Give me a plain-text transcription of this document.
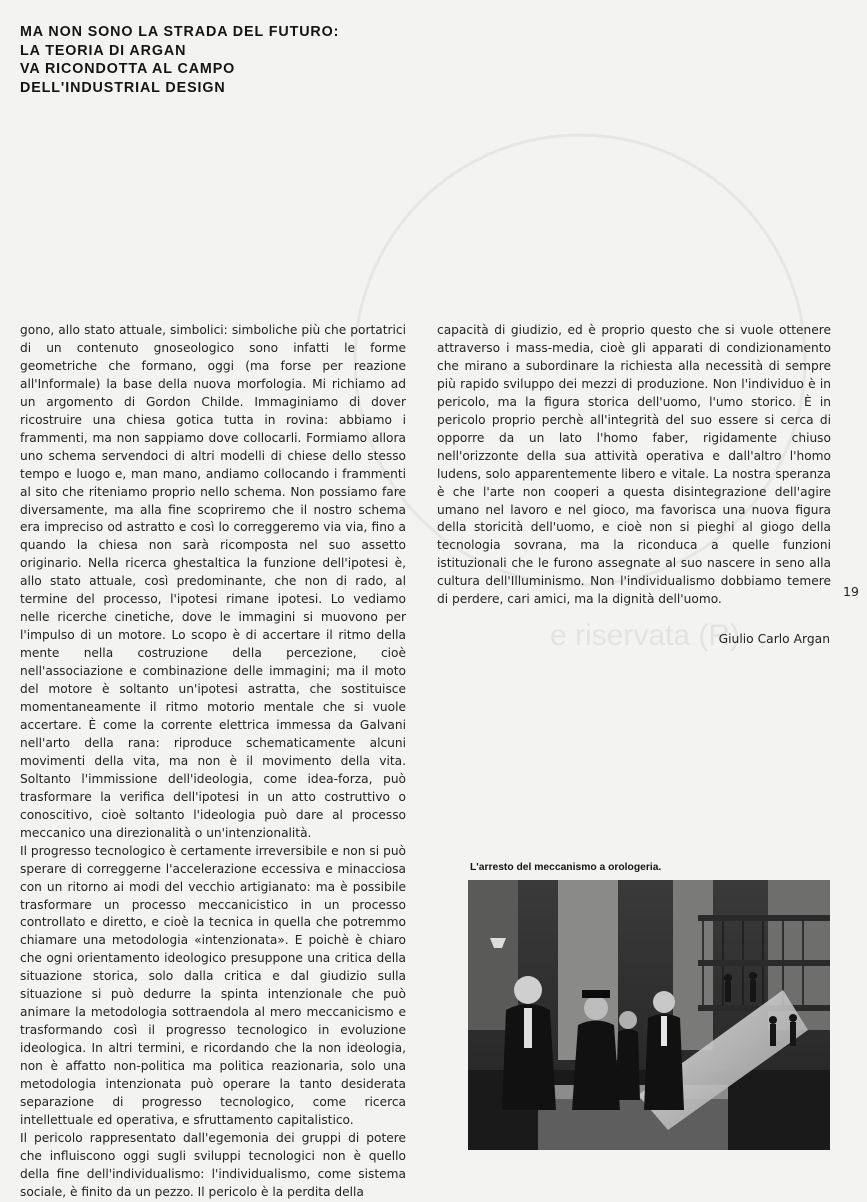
e riservata (R)
MA NON SONO LA STRADA DEL FUTURO:
LA TEORIA DI ARGAN
VA RICONDOTTA AL CAMPO
DELL'INDUSTRIAL DESIGN

gono, allo stato attuale, simbolici: simboliche più che portatrici di un contenuto gnoseologico sono infatti le forme geometriche che formano, oggi (ma forse per reazione all'Informale) la base della nuova morfologia. Mi richiamo ad un argomento di Gordon Childe. Immaginiamo di dover ricostruire una chiesa gotica tutta in rovina: abbiamo i frammenti, ma non sappiamo dove collocarli. Formiamo allora uno schema servendoci di altri modelli di chiese dello stesso tempo e luogo e, man mano, andiamo collocando i frammenti al sito che riteniamo proprio nello schema. Non possiamo fare diversamente, ma alla fine scopriremo che il nostro schema era impreciso od astratto e così lo correggeremo via via, fino a quando la chiesa non sarà ricomposta nel suo assetto originario. Nella ricerca ghestaltica la funzione dell'ipotesi è, allo stato attuale, così predominante, che non di rado, al termine del processo, l'ipotesi rimane ipotesi. Lo vediamo nelle ricerche cinetiche, dove le immagini si muovono per l'impulso di un motore. Lo scopo è di accertare il ritmo della mente nella costruzione della percezione, cioè nell'associazione e combinazione delle immagini; ma il moto del motore è soltanto un'ipotesi astratta, che sostituisce momentaneamente il ritmo motorio mentale che si vuole accertare. È come la corrente elettrica immessa da Galvani nell'arto della rana: riproduce schematicamente alcuni movimenti della vita, ma non è il movimento della vita. Soltanto l'immissione dell'ideologia, come idea-forza, può trasformare la verifica dell'ipotesi in un atto costruttivo o conoscitivo, cioè soltanto l'ideologia può dare al processo meccanico una direzionalità o un'intenzionalità.

Il progresso tecnologico è certamente irreversibile e non si può sperare di correggerne l'accelerazione eccessiva e minacciosa con un ritorno ai modi del vecchio artigianato: ma è possibile trasformare un processo meccanicistico in un processo controllato e diretto, e cioè la tecnica in quella che potremmo chiamare una metodologia «intenzionata». E poichè è chiaro che ogni orientamento ideologico presuppone una critica della situazione storica, solo dalla critica e dal giudizio sulla situazione si può dedurre la spinta intenzionale che può animare la metodologia sottraendola al mero meccanicismo e trasformando così il progresso tecnologico in evoluzione ideologica. In altri termini, e ricordando che la non ideologia, non è affatto non-politica ma politica reazionaria, solo una metodologia intenzionata può operare la tanto desiderata separazione di progresso tecnologico, come ricerca intellettuale ed operativa, e sfruttamento capitalistico.

Il pericolo rappresentato dall'egemonia dei gruppi di potere che influiscono oggi sugli sviluppi tecnologici non è quello della fine dell'individualismo: l'individualismo, come sistema sociale, è finito da un pezzo. Il pericolo è la perdita della

capacità di giudizio, ed è proprio questo che si vuole ottenere attraverso i mass-media, cioè gli apparati di condizionamento che mirano a subordinare la richiesta alla necessità di sempre più rapido sviluppo dei mezzi di produzione. Non l'individuo è in pericolo, ma la figura storica dell'uomo, l'umo storico. È in pericolo proprio perchè all'integrità del suo essere si cerca di opporre da un lato l'homo faber, rigidamente chiuso nell'orizzonte della sua attività operativa e dall'altro l'homo ludens, solo apparentemente libero e vitale. La nostra speranza è che l'arte non cooperi a questa disintegrazione dell'agire umano nel lavoro e nel gioco, ma favorisca una nuova figura della storicità dell'uomo, e cioè non si pieghi al giogo della tecnologia sovrana, ma la riconduca a quelle funzioni istituzionali che le furono assegnate al suo nascere in seno alla cultura dell'Illuminismo. Non l'individualismo dobbiamo temere di perdere, cari amici, ma la dignità dell'uomo.

Giulio Carlo Argan
19
L'arresto del meccanismo a orologeria.
